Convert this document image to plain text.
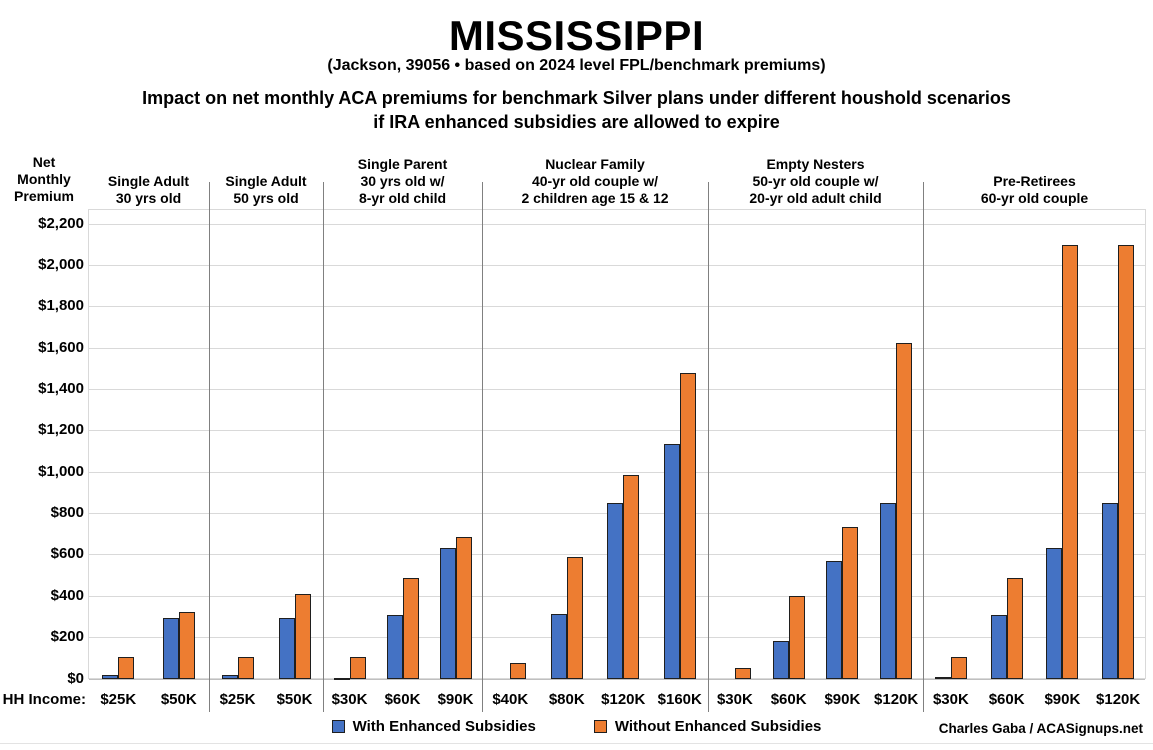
MISSISSIPPI
(Jackson, 39056 • based on 2024 level FPL/benchmark premiums)
Impact on net monthly ACA premiums for benchmark Silver plans under different houshold scenarios
if IRA enhanced subsidies are allowed to expire
Net
Monthly
Premium
$0
$200
$400
$600
$800
$1,000
$1,200
$1,400
$1,600
$1,800
$2,000
$2,200
Single Adult
30 yrs old
$25K	$50K
Single Adult
50 yrs old
$25K	$50K
Single Parent
30 yrs old w/
8-yr old child
$30K	$60K	$90K
Nuclear Family
40-yr old couple w/
2 children age 15 & 12
$40K	$80K	$120K $160K
Empty Nesters
50-yr old couple w/
20-yr old adult child
$30K	$60K	$90K $120K
Pre-Retirees
60-yr old couple
$30K	$60K	$90K	$120K
HH Income:
With Enhanced Subsidies	Without Enhanced Subsidies	Charles Gaba / ACASignups.net
